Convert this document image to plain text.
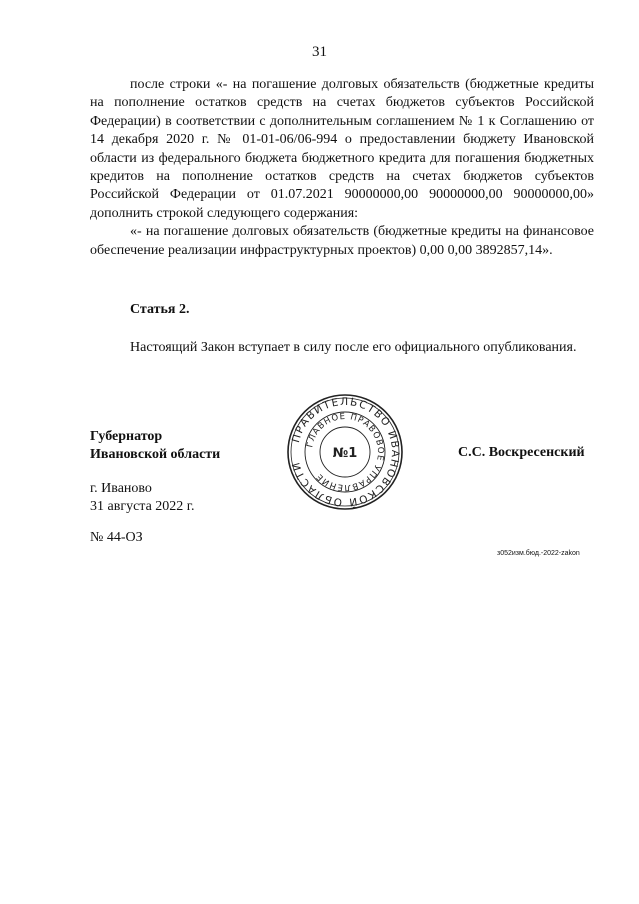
31

после строки «- на погашение долговых обязательств (бюджетные кредиты на пополнение остатков средств на счетах бюджетов субъектов Российской Федерации) в соответствии с дополнительным соглашением № 1 к Соглашению от 14 декабря 2020 г. № 01-01-06/06-994 о предоставлении бюджету Ивановской области из федерального бюджета бюджетного кредита для погашения бюджетных кредитов на пополнение остатков средств на счетах бюджетов субъектов Российской Федерации от 01.07.2021 90000000,00 90000000,00 90000000,00» дополнить строкой следующего содержания:

«- на погашение долговых обязательств (бюджетные кредиты на финансовое обеспечение реализации инфраструктурных проектов) 0,00 0,00 3892857,14».

Статья 2.

Настоящий Закон вступает в силу после его официального опубликования.

Губернатор
Ивановской области
ПРАВИТЕЛЬСТВО ИВАНОВСКОЙ ОБЛАСТИ
ГЛАВНОЕ ПРАВОВОЕ УПРАВЛЕНИЕ
№1	С.С. Воскресенский
г. Иваново
31 августа 2022 г.
№ 44-ОЗ
з052изм.бюд.-2022-zakon
